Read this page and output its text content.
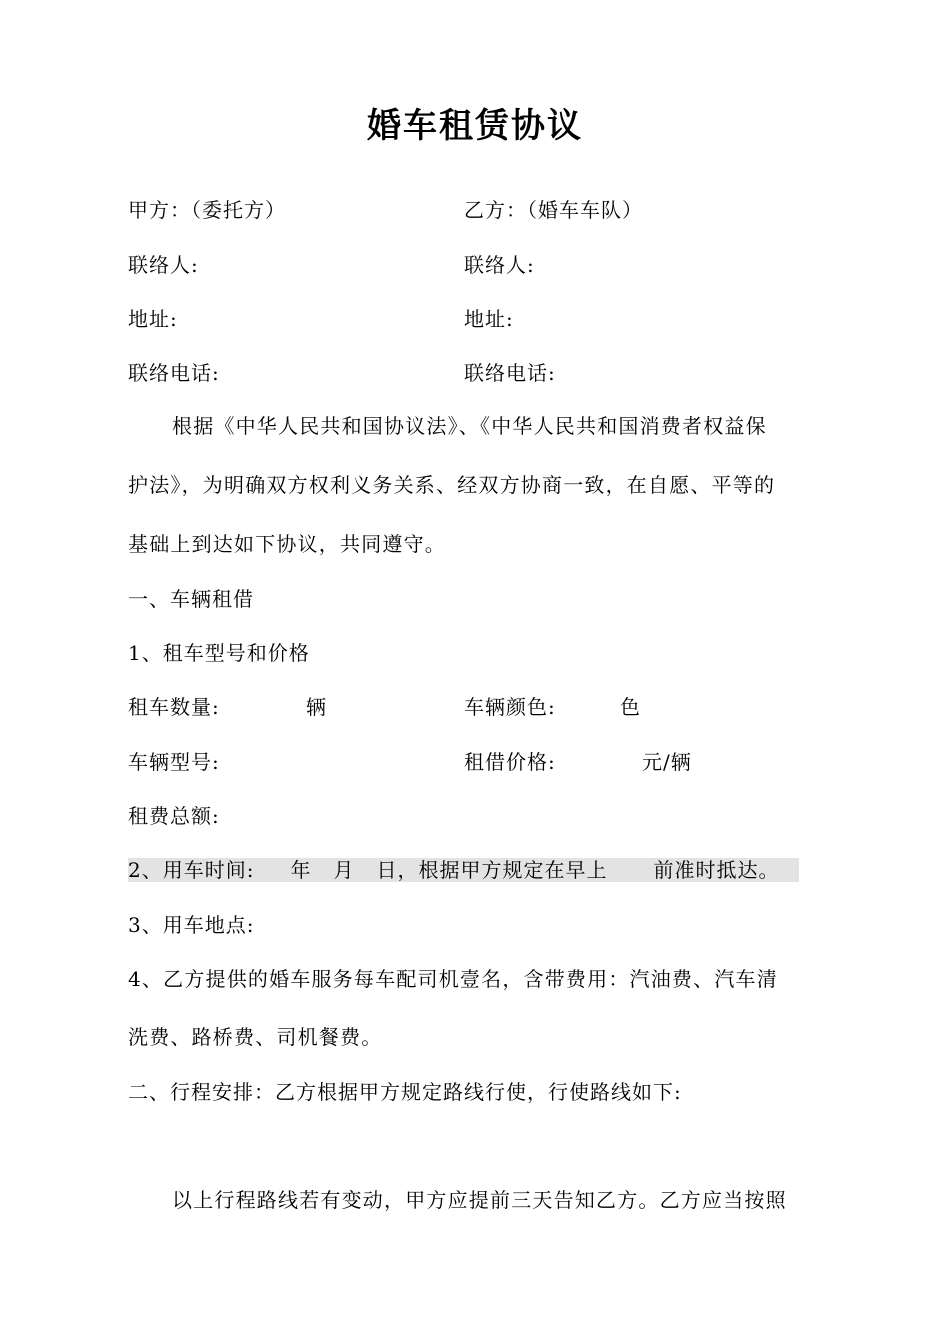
婚车租赁协议
甲方：（委托方）	乙方：（婚车车队）
联络人:	联络人:
地址:	地址:
联络电话:	联络电话:
根据《中华人民共和国协议法》、《中华人民共和国消费者权益保
护法》，为明确双方权利义务关系、经双方协商一致，在自愿、平等的
基础上到达如下协议，共同遵守。
一、车辆租借
1、租车型号和价格
租车数量:	辆	车辆颜色:	色
车辆型号:	租借价格:	元/辆
租费总额:
2、用车时间: 年 月 日，根据甲方规定在早上 前准时抵达。
3、用车地点:
4、乙方提供的婚车服务每车配司机壹名，含带费用：汽油费、汽车清
洗费、路桥费、司机餐费。
二、行程安排：乙方根据甲方规定路线行使，行使路线如下:
以上行程路线若有变动，甲方应提前三天告知乙方。乙方应当按照
